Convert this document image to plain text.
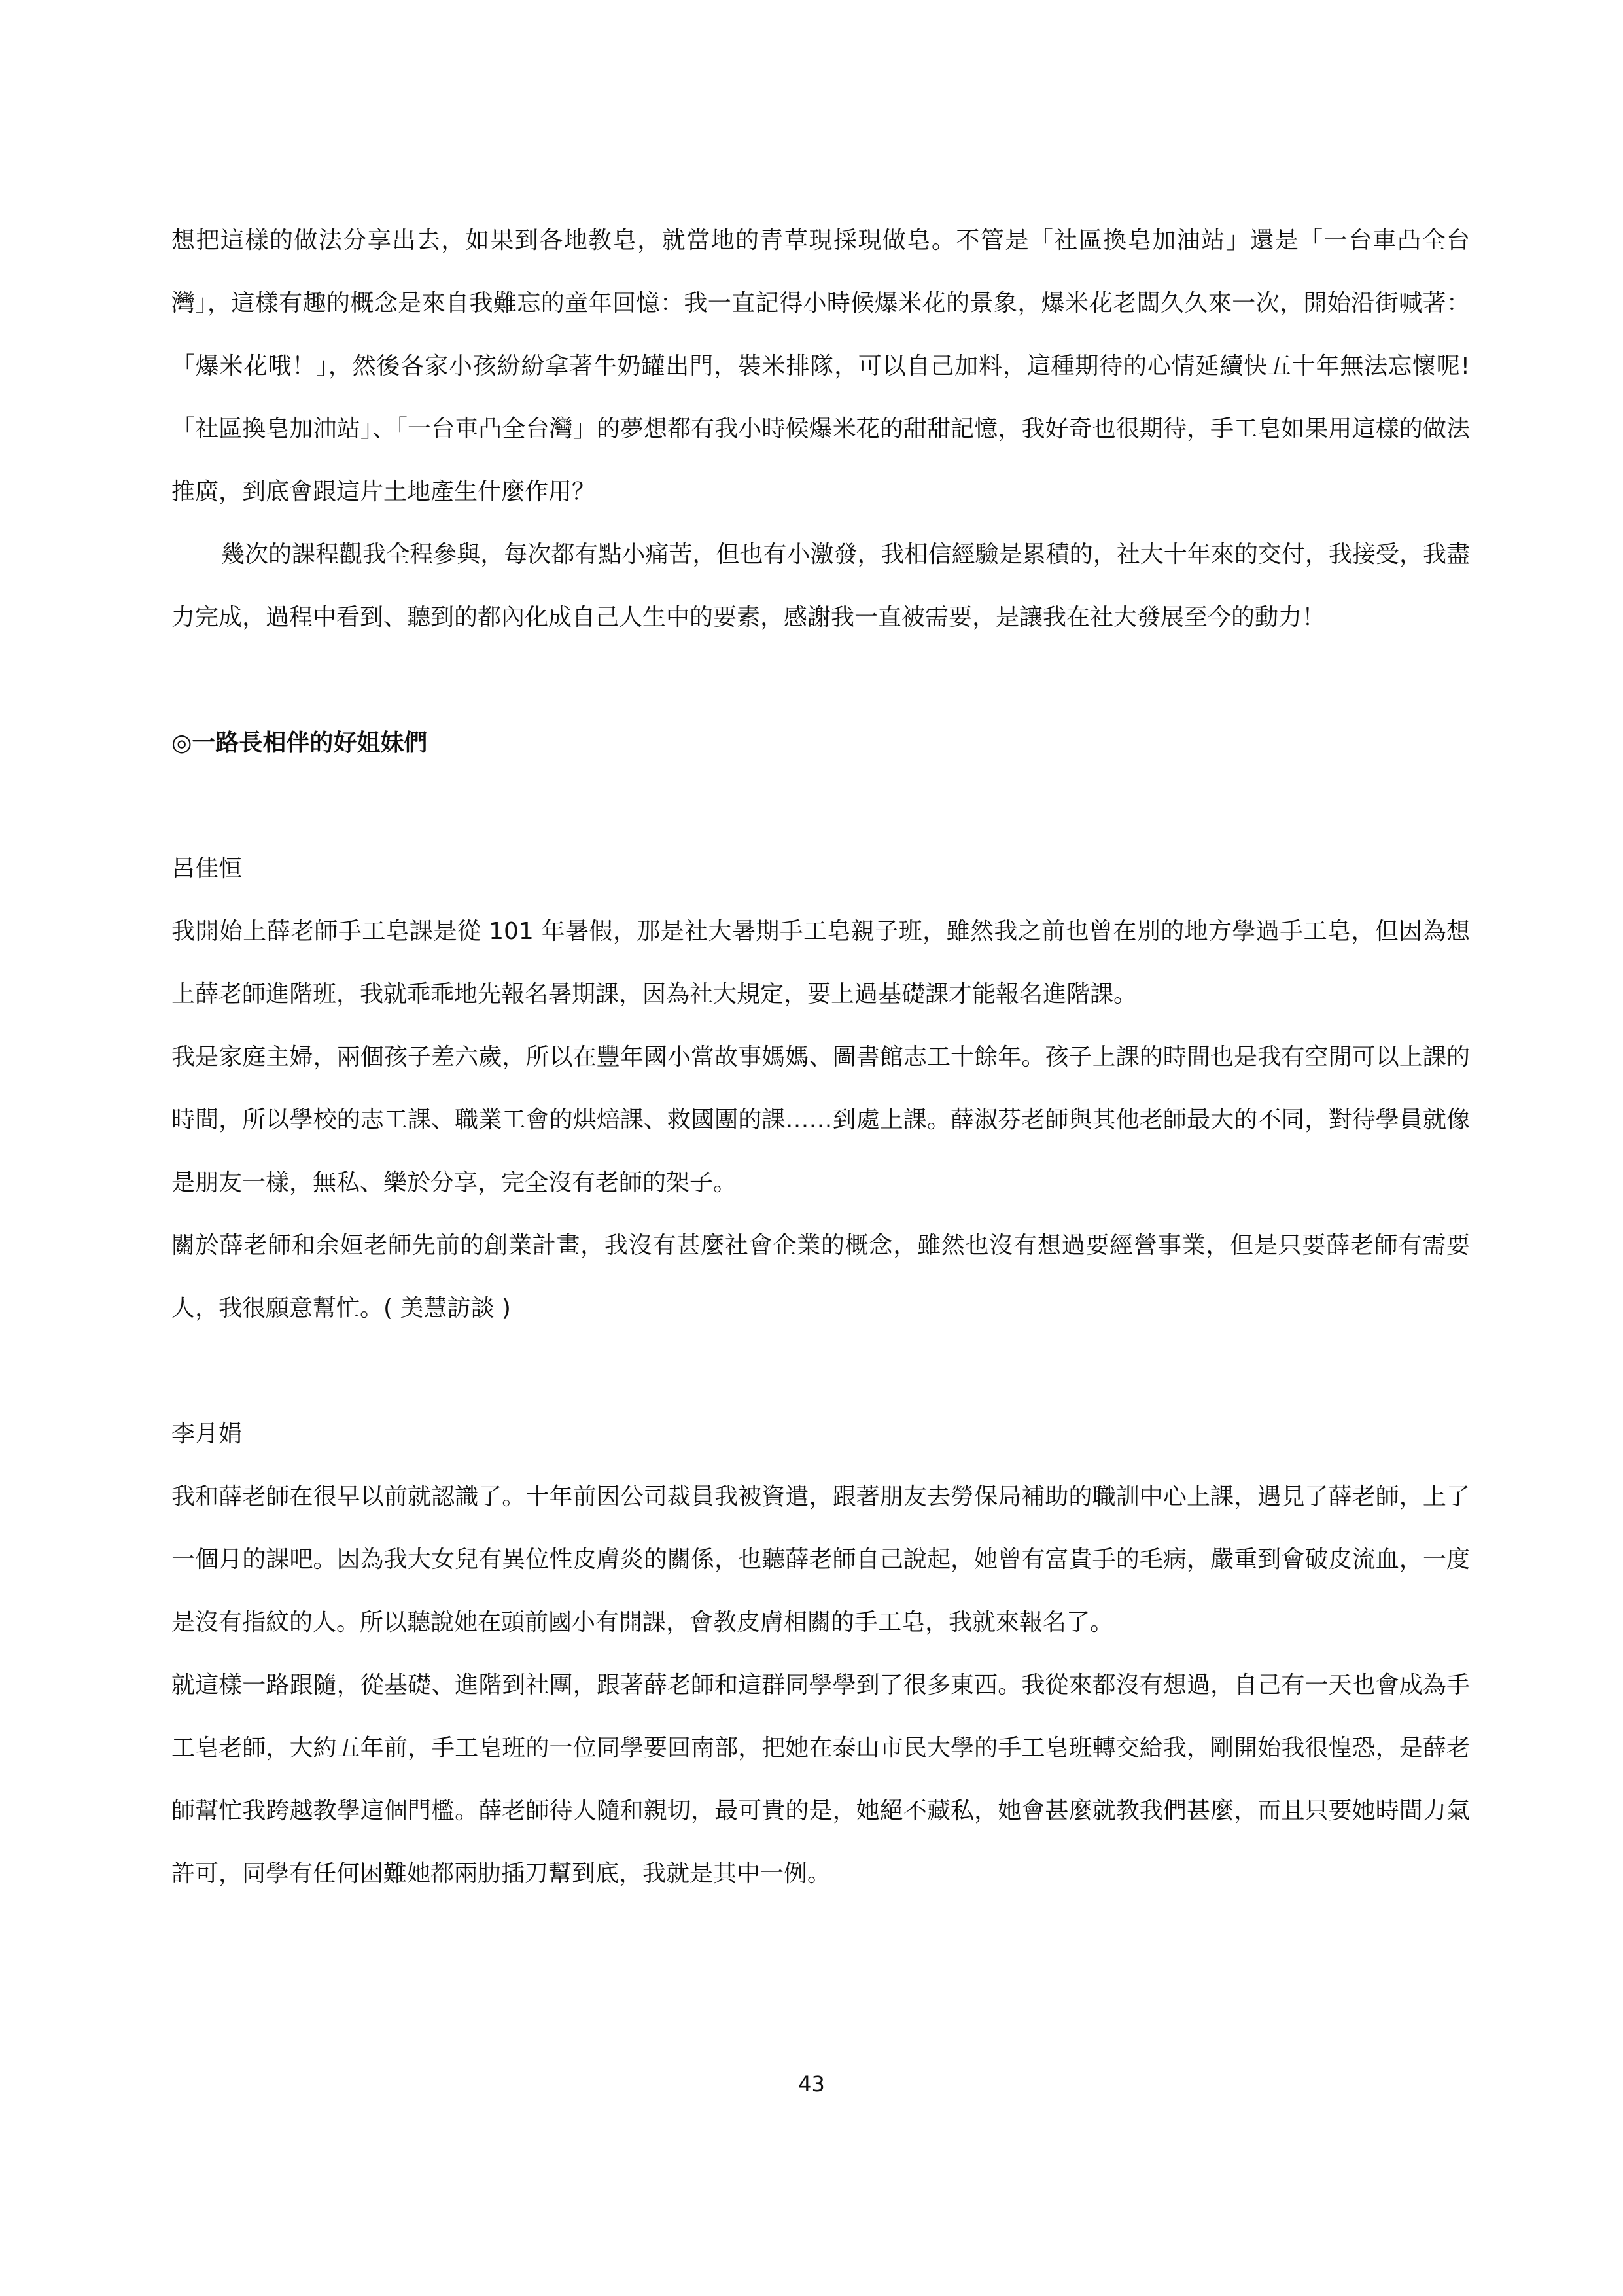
想把這樣的做法分享出去，如果到各地教皂，就當地的青草現採現做皂。不管是「社區換皂加油站」還是「一台車凸全台灣」，這樣有趣的概念是來自我難忘的童年回憶：我一直記得小時候爆米花的景象，爆米花老闆久久來一次，開始沿街喊著：「爆米花哦！」，然後各家小孩紛紛拿著牛奶罐出門，裝米排隊，可以自己加料，這種期待的心情延續快五十年無法忘懷呢!「社區換皂加油站」、「一台車凸全台灣」的夢想都有我小時候爆米花的甜甜記憶，我好奇也很期待，手工皂如果用這樣的做法推廣，到底會跟這片土地產生什麼作用？

幾次的課程觀我全程參與，每次都有點小痛苦，但也有小激發，我相信經驗是累積的，社大十年來的交付，我接受，我盡力完成，過程中看到、聽到的都內化成自己人生中的要素，感謝我一直被需要，是讓我在社大發展至今的動力！

◎一路長相伴的好姐妹們

呂佳恒

我開始上薛老師手工皂課是從 101 年暑假，那是社大暑期手工皂親子班，雖然我之前也曾在別的地方學過手工皂，但因為想上薛老師進階班，我就乖乖地先報名暑期課，因為社大規定，要上過基礎課才能報名進階課。

我是家庭主婦，兩個孩子差六歲，所以在豐年國小當故事媽媽、圖書館志工十餘年。孩子上課的時間也是我有空閒可以上課的時間，所以學校的志工課、職業工會的烘焙課、救國團的課……到處上課。薛淑芬老師與其他老師最大的不同，對待學員就像是朋友一樣，無私、樂於分享，完全沒有老師的架子。

關於薛老師和余姮老師先前的創業計畫，我沒有甚麼社會企業的概念，雖然也沒有想過要經營事業，但是只要薛老師有需要人，我很願意幫忙。( 美慧訪談 )

李月娟

我和薛老師在很早以前就認識了。十年前因公司裁員我被資遣，跟著朋友去勞保局補助的職訓中心上課，遇見了薛老師，上了一個月的課吧。因為我大女兒有異位性皮膚炎的關係，也聽薛老師自己說起，她曾有富貴手的毛病，嚴重到會破皮流血，一度是沒有指紋的人。所以聽說她在頭前國小有開課，會教皮膚相關的手工皂，我就來報名了。

就這樣一路跟隨，從基礎、進階到社團，跟著薛老師和這群同學學到了很多東西。我從來都沒有想過，自己有一天也會成為手工皂老師，大約五年前，手工皂班的一位同學要回南部，把她在泰山市民大學的手工皂班轉交給我，剛開始我很惶恐，是薛老師幫忙我跨越教學這個門檻。薛老師待人隨和親切，最可貴的是，她絕不藏私，她會甚麼就教我們甚麼，而且只要她時間力氣許可，同學有任何困難她都兩肋插刀幫到底，我就是其中一例。

43
